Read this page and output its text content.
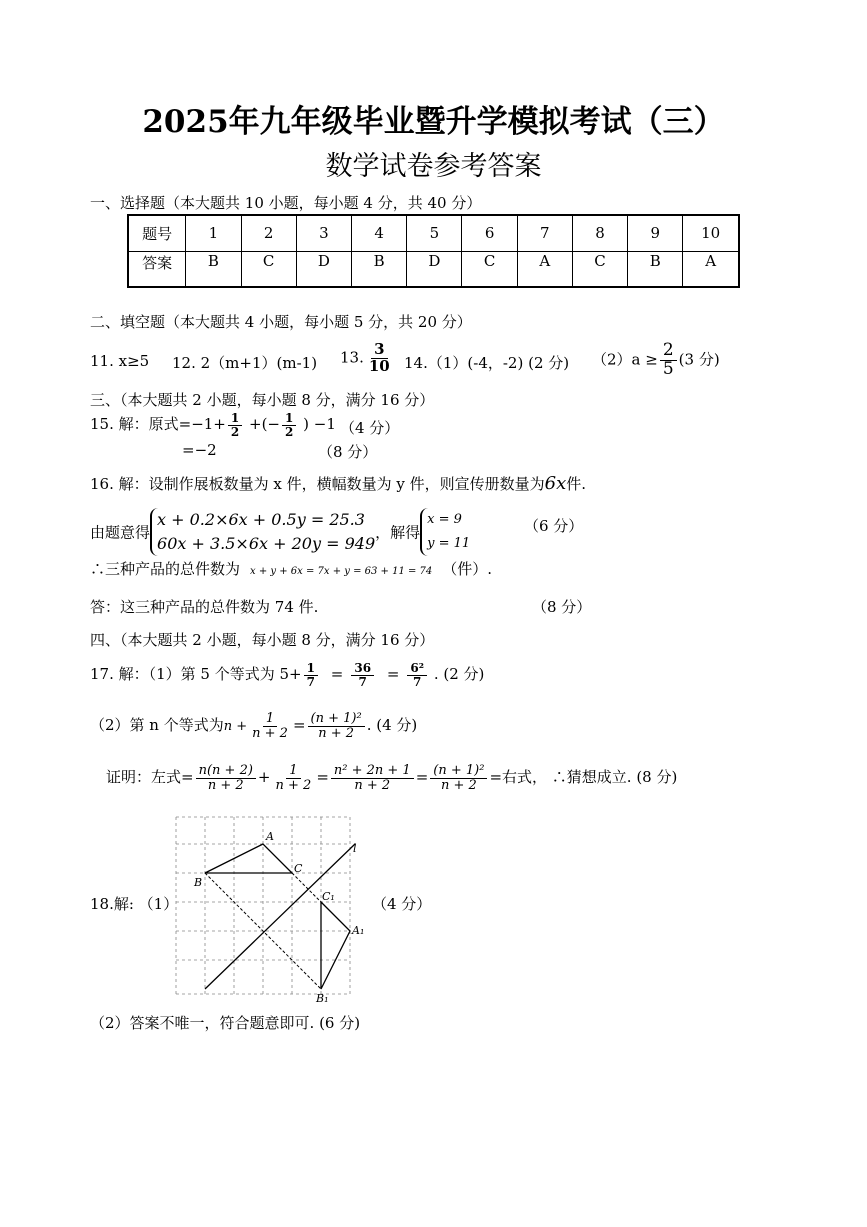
2025年九年级毕业暨升学模拟考试（三）
数学试卷参考答案
一、选择题（本大题共 10 小题，每小题 4 分，共 40 分）
题号	1	2	3	4	5	6	7	8	9	10
答案	B	C	D	B	D	C	A	C	B	A
二、填空题（本大题共 4 小题，每小题 5 分，共 20 分）
11. x≥5 12. 2（m+1）(m-1) 13. $\frac{3}{10} 14.(1)(-4$，-2) (2 分) $(2)a \ge \frac{2}{5} (3$ 分)
三、（本大题共 2 小题，每小题 8 分，满分 16 分）
15. 解：原式$=-1+ \frac{1}{2}$ +(− $\frac{1}{2}$ ) −1 （4 分）
=−2	（8 分）
16. 解：设制作展板数量为 x 件，横幅数量为 y 件，则宣传册数量为6x件.
由题意得x + 0.2×6x + 0.5y = 25.3
60x + 3.5×6x + 20y = 949，解得x = 9
y = 11
（6 分）
∴三种产品的总件数为 x + y + 6x = 7x + y = 63 + 11 = 74 （件）.
答：这三种产品的总件数为 74 件.	（8 分）
四、（本大题共 2 小题，每小题 8 分，满分 16 分）
17. 解：（1）第 5 个等式为 $5+ \frac{1}{7} = \frac{36}{7} = \frac{\text{6²}}{7}$ . (2 分)
（2）第 n 个等式为$n + \frac{1}{n + 2} = \frac{\text{(n + 1)²}}{n + 2}$ . (4 分)
证明：左式= $\frac{n(n + 2)}{n + 2} + \frac{1}{n + 2} = \frac{\text{n² + 2n + 1}}{n + 2} = \frac{\text{(n + 1)²}}{n + 2}$ =右式， ∴猜想成立. (8 分)
18.解: （1）	（4 分）
A
B
C
l
C₁
A₁
B₁
（2）答案不唯一，符合题意即可. (6 分)
